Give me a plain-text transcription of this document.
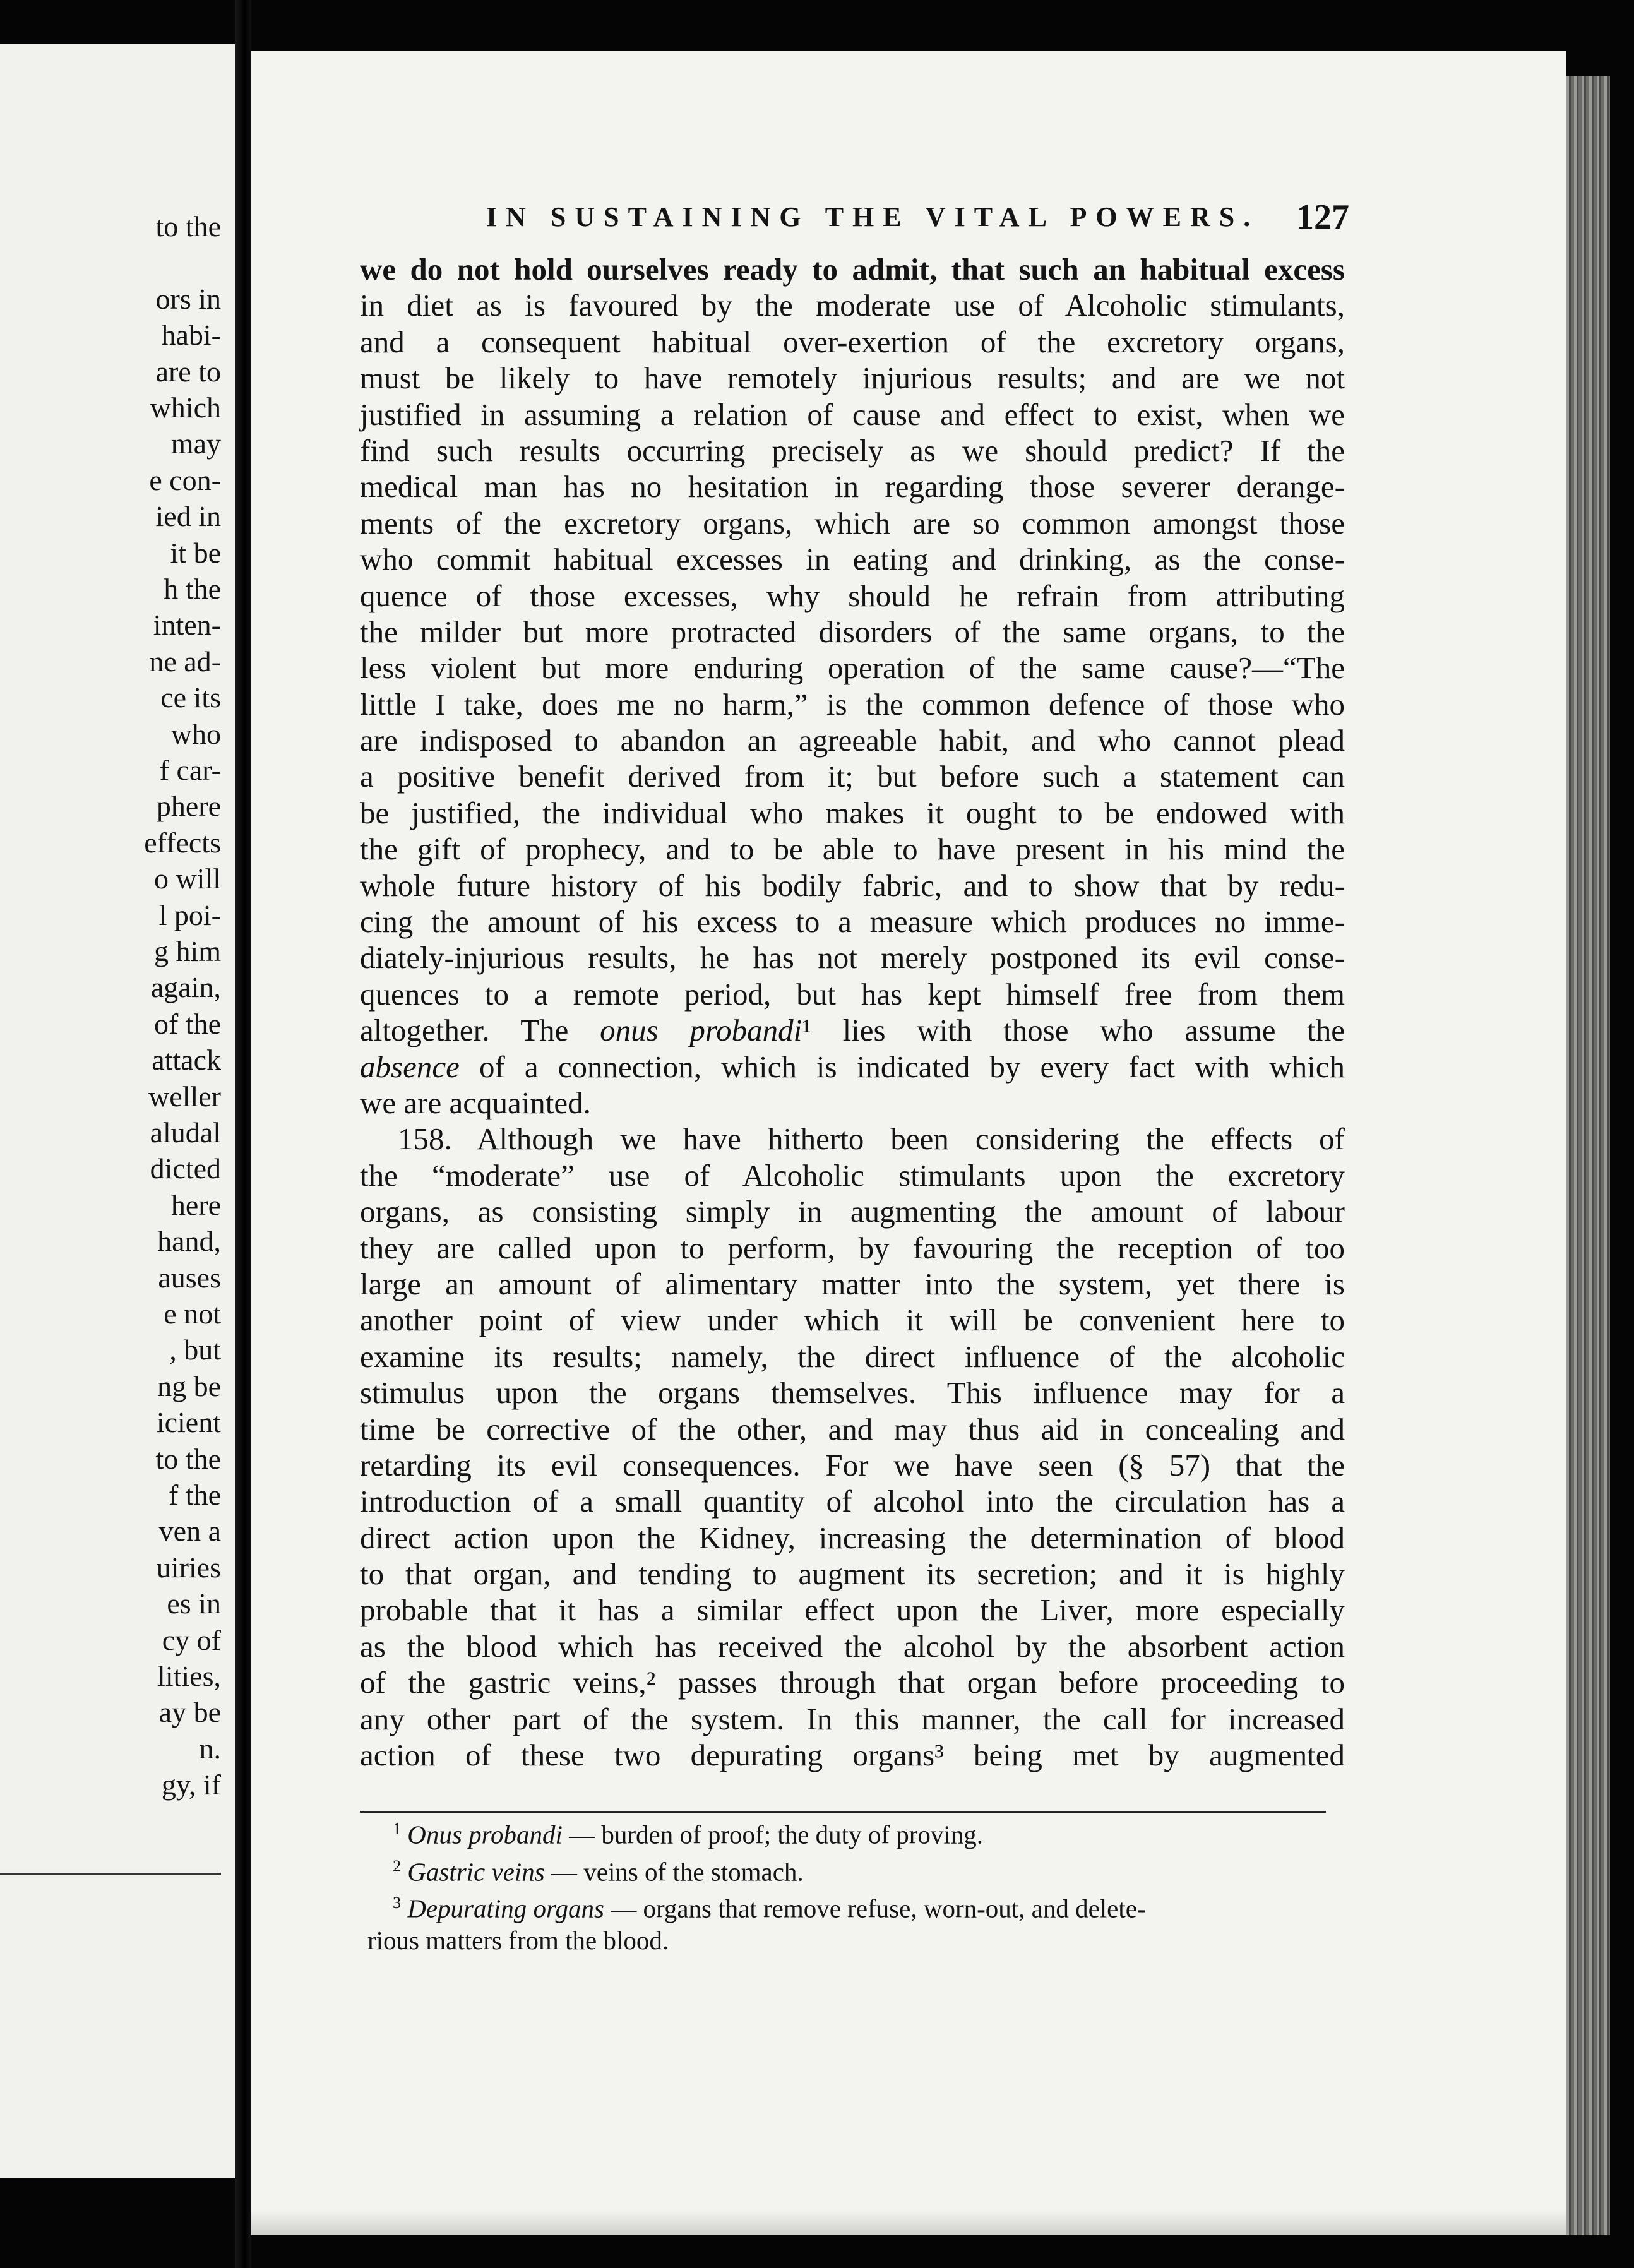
to the
ors in
habi-
are to
which
may
e con-
ied in
it be
h the
inten-
ne ad-
ce its
who
f car-
phere
effects
o will
l poi-
g him
again,
of the
attack
weller
aludal
dicted
here
hand,
auses
e not
, but
ng be
icient
to the
f the
ven a
uiries
es in
cy of
lities,
ay be
n.
gy, if
IN SUSTAINING THE VITAL POWERS. 127
we do not hold ourselves ready to admit, that such an habitual excess
in diet as is favoured by the moderate use of Alcoholic stimulants,
and a consequent habitual over-exertion of the excretory organs,
must be likely to have remotely injurious results; and are we not
justified in assuming a relation of cause and effect to exist, when we
find such results occurring precisely as we should predict? If the
medical man has no hesitation in regarding those severer derange-
ments of the excretory organs, which are so common amongst those
who commit habitual excesses in eating and drinking, as the conse-
quence of those excesses, why should he refrain from attributing
the milder but more protracted disorders of the same organs, to the
less violent but more enduring operation of the same cause?—“The
little I take, does me no harm,” is the common defence of those who
are indisposed to abandon an agreeable habit, and who cannot plead
a positive benefit derived from it; but before such a statement can
be justified, the individual who makes it ought to be endowed with
the gift of prophecy, and to be able to have present in his mind the
whole future history of his bodily fabric, and to show that by redu-
cing the amount of his excess to a measure which produces no imme-
diately-injurious results, he has not merely postponed its evil conse-
quences to a remote period, but has kept himself free from them
altogether. The onus probandi¹ lies with those who assume the
absence of a connection, which is indicated by every fact with which
we are acquainted.
158. Although we have hitherto been considering the effects of
the “moderate” use of Alcoholic stimulants upon the excretory
organs, as consisting simply in augmenting the amount of labour
they are called upon to perform, by favouring the reception of too
large an amount of alimentary matter into the system, yet there is
another point of view under which it will be convenient here to
examine its results; namely, the direct influence of the alcoholic
stimulus upon the organs themselves. This influence may for a
time be corrective of the other, and may thus aid in concealing and
retarding its evil consequences. For we have seen (§ 57) that the
introduction of a small quantity of alcohol into the circulation has a
direct action upon the Kidney, increasing the determination of blood
to that organ, and tending to augment its secretion; and it is highly
probable that it has a similar effect upon the Liver, more especially
as the blood which has received the alcohol by the absorbent action
of the gastric veins,² passes through that organ before proceeding to
any other part of the system. In this manner, the call for increased
action of these two depurating organs³ being met by augmented
$^1$ Onus probandi — burden of proof; the duty of proving.
$^2$ Gastric veins — veins of the stomach.
$^3$ Depurating organs — organs that remove refuse, worn-out, and delete-
rious matters from the blood.
